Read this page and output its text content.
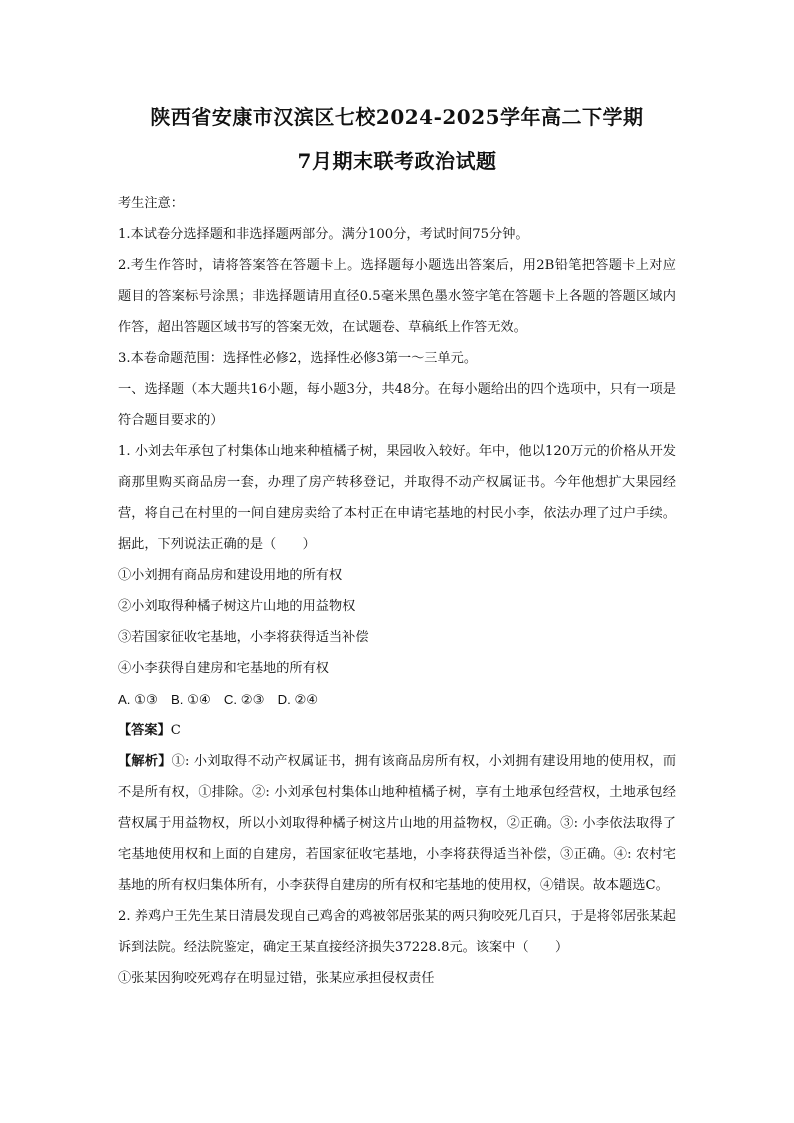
陕西省安康市汉滨区七校2024-2025学年高二下学期
7月期末联考政治试题

考生注意：

1.本试卷分选择题和非选择题两部分。满分100分，考试时间75分钟。

2.考生作答时，请将答案答在答题卡上。选择题每小题选出答案后，用2B铅笔把答题卡上对应题目的答案标号涂黑；非选择题请用直径0.5毫米黑色墨水签字笔在答题卡上各题的答题区域内作答，超出答题区域书写的答案无效，在试题卷、草稿纸上作答无效。

3.本卷命题范围：选择性必修2，选择性必修3第一～三单元。

一、选择题（本大题共16小题，每小题3分，共48分。在每小题给出的四个选项中，只有一项是符合题目要求的）

1. 小刘去年承包了村集体山地来种植橘子树，果园收入较好。年中，他以120万元的价格从开发商那里购买商品房一套，办理了房产转移登记，并取得不动产权属证书。今年他想扩大果园经营，将自己在村里的一间自建房卖给了本村正在申请宅基地的村民小李，依法办理了过户手续。据此，下列说法正确的是（　　）

①小刘拥有商品房和建设用地的所有权

②小刘取得种橘子树这片山地的用益物权

③若国家征收宅基地，小李将获得适当补偿

④小李获得自建房和宅基地的所有权

A. ①③　B. ①④　C. ②③　D. ②④

【答案】C

【解析】①: 小刘取得不动产权属证书，拥有该商品房所有权，小刘拥有建设用地的使用权，而不是所有权，①排除。②: 小刘承包村集体山地种植橘子树，享有土地承包经营权，土地承包经营权属于用益物权，所以小刘取得种橘子树这片山地的用益物权，②正确。③: 小李依法取得了宅基地使用权和上面的自建房，若国家征收宅基地，小李将获得适当补偿，③正确。④: 农村宅基地的所有权归集体所有，小李获得自建房的所有权和宅基地的使用权，④错误。故本题选C。

2. 养鸡户王先生某日清晨发现自己鸡舍的鸡被邻居张某的两只狗咬死几百只，于是将邻居张某起诉到法院。经法院鉴定，确定王某直接经济损失37228.8元。该案中（　　）

①张某因狗咬死鸡存在明显过错，张某应承担侵权责任
